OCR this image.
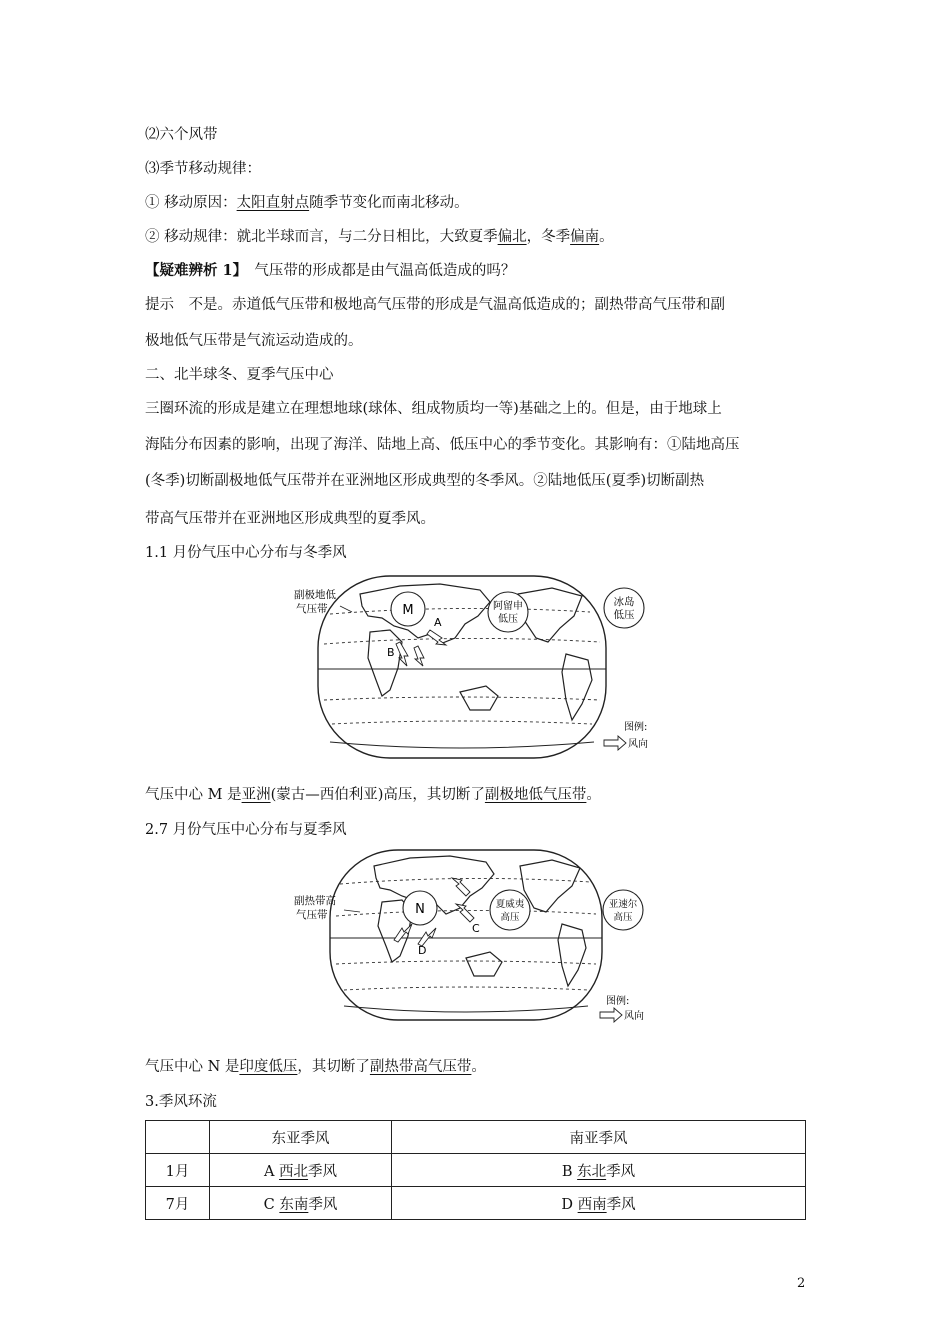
⑵六个风带
⑶季节移动规律：
① 移动原因：太阳直射点随季节变化而南北移动。
② 移动规律：就北半球而言，与二分日相比，大致夏季偏北，冬季偏南。
【疑难辨析 1】　气压带的形成都是由气温高低造成的吗？
提示　不是。赤道低气压带和极地高气压带的形成是气温高低造成的；副热带高气压带和副
极地低气压带是气流运动造成的。
二、北半球冬、夏季气压中心
三圈环流的形成是建立在理想地球(球体、组成物质均一等)基础之上的。但是，由于地球上
海陆分布因素的影响，出现了海洋、陆地上高、低压中心的季节变化。其影响有：①陆地高压
(冬季)切断副极地低气压带并在亚洲地区形成典型的冬季风。②陆地低压(夏季)切断副热
带高气压带并在亚洲地区形成典型的夏季风。
1.1 月份气压中心分布与冬季风
M	阿留申
低压
冰岛
低压
副极地低
气压带
A
B
图例:
风向
气压中心 M 是亚洲(蒙古—西伯利亚)高压，其切断了副极地低气压带。
2.7 月份气压中心分布与夏季风
N	夏威夷
高压
亚速尔
高压
副热带高
气压带
C
D
图例:
风向
气压中心 N 是印度低压，其切断了副热带高气压带。
3.季风环流
	东亚季风	南亚季风
1月	A 西北季风	B 东北季风
7月	C 东南季风	D 西南季风
2
